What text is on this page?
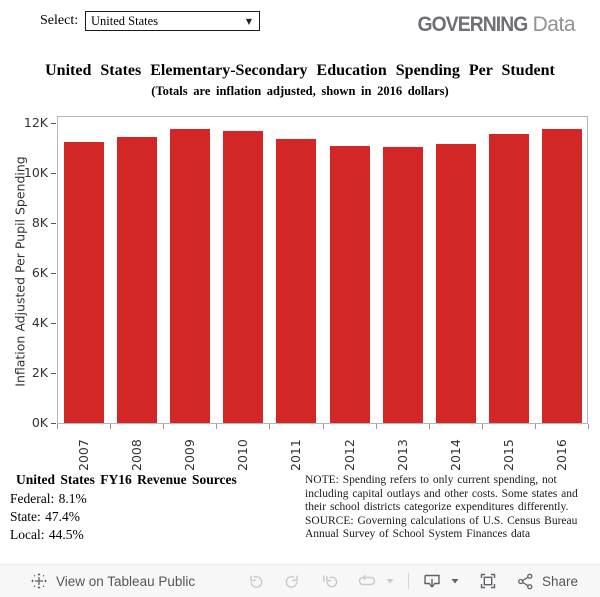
Select:	United States	▼	GOVERNING Data
United States Elementary-Secondary Education Spending Per Student
(Totals are inflation adjusted, shown in 2016 dollars)
Inflation Adjusted Per Pupil Spending
0K
2K
4K
6K
8K
10K
12K
2007	2008	2009	2010	2011	2012	2013	2014	2015	2016
United States FY16 Revenue Sources
Federal: 8.1%
State: 47.4%
Local: 44.5%
NOTE: Spending refers to only current spending, not
including capital outlays and other costs. Some states and
their school districts categorize expenditures differently.
SOURCE: Governing calculations of U.S. Census Bureau
Annual Survey of School System Finances data
View on Tableau Public	Share
